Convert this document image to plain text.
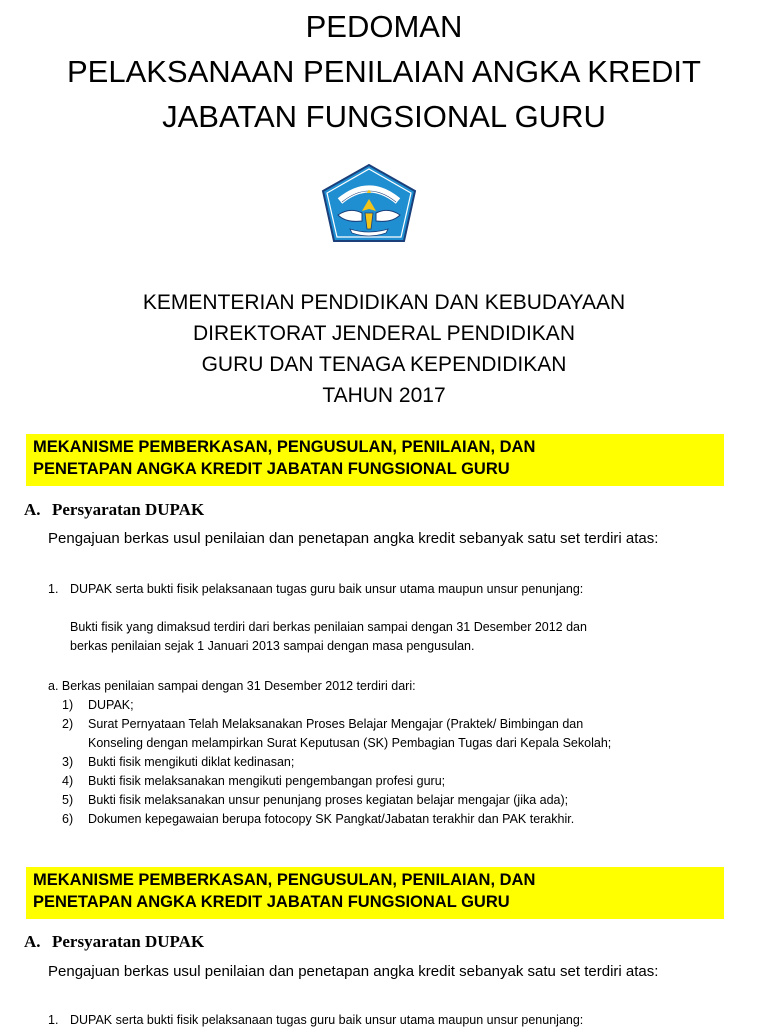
PEDOMAN
PELAKSANAAN PENILAIAN ANGKA KREDIT
JABATAN FUNGSIONAL GURU
KEMENTERIAN PENDIDIKAN DAN KEBUDAYAAN
DIREKTORAT JENDERAL PENDIDIKAN
GURU DAN TENAGA KEPENDIDIKAN
TAHUN 2017
MEKANISME PEMBERKASAN, PENGUSULAN, PENILAIAN, DAN
PENETAPAN ANGKA KREDIT JABATAN FUNGSIONAL GURU
A. Persyaratan DUPAK
Pengajuan berkas usul penilaian dan penetapan angka kredit sebanyak satu set terdiri atas:
1. DUPAK serta bukti fisik pelaksanaan tugas guru baik unsur utama maupun unsur penunjang:
Bukti fisik yang dimaksud terdiri dari berkas penilaian sampai dengan 31 Desember 2012 dan
berkas penilaian sejak 1 Januari 2013 sampai dengan masa pengusulan.
a. Berkas penilaian sampai dengan 31 Desember 2012 terdiri dari:
1) DUPAK;
2) Surat Pernyataan Telah Melaksanakan Proses Belajar Mengajar (Praktek/ Bimbingan dan
Konseling dengan melampirkan Surat Keputusan (SK) Pembagian Tugas dari Kepala Sekolah;
3) Bukti fisik mengikuti diklat kedinasan;
4) Bukti fisik melaksanakan mengikuti pengembangan profesi guru;
5) Bukti fisik melaksanakan unsur penunjang proses kegiatan belajar mengajar (jika ada);
6) Dokumen kepegawaian berupa fotocopy SK Pangkat/Jabatan terakhir dan PAK terakhir.
MEKANISME PEMBERKASAN, PENGUSULAN, PENILAIAN, DAN
PENETAPAN ANGKA KREDIT JABATAN FUNGSIONAL GURU
A. Persyaratan DUPAK
Pengajuan berkas usul penilaian dan penetapan angka kredit sebanyak satu set terdiri atas:
1. DUPAK serta bukti fisik pelaksanaan tugas guru baik unsur utama maupun unsur penunjang:
